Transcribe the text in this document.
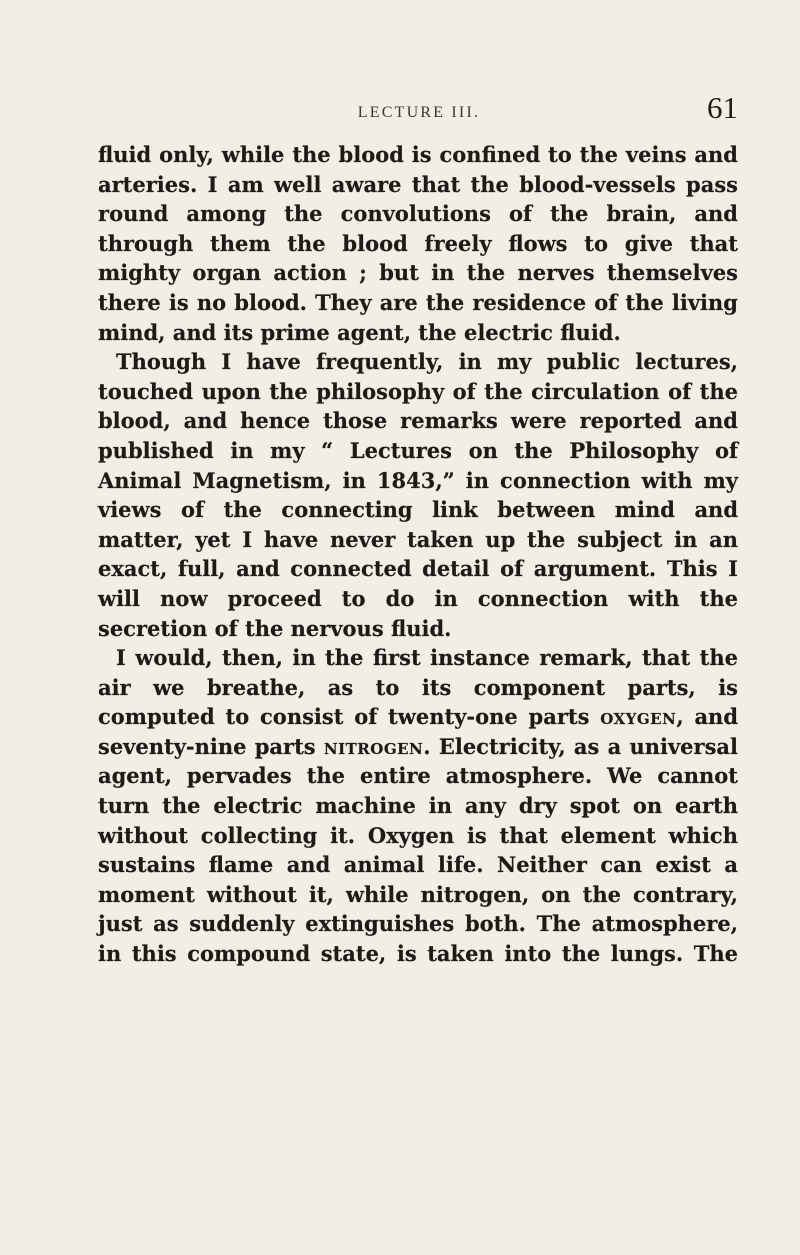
LECTURE III.	61

fluid only, while the blood is confined to the veins and arteries. I am well aware that the blood-vessels pass round among the convolutions of the brain, and through them the blood freely flows to give that mighty organ action ; but in the nerves themselves there is no blood. They are the residence of the living mind, and its prime agent, the electric fluid.

Though I have frequently, in my public lectures, touched upon the philosophy of the circulation of the blood, and hence those remarks were reported and published in my “ Lectures on the Philosophy of Animal Magnetism, in 1843,” in connection with my views of the connecting link between mind and matter, yet I have never taken up the subject in an exact, full, and connected detail of argument. This I will now proceed to do in connection with the secretion of the nervous fluid.

I would, then, in the first instance remark, that the air we breathe, as to its component parts, is computed to consist of twenty-one parts oxygen, and seventy-nine parts nitrogen. Electricity, as a universal agent, pervades the entire atmosphere. We cannot turn the electric machine in any dry spot on earth without collecting it. Oxygen is that element which sustains flame and animal life. Neither can exist a moment without it, while nitrogen, on the contrary, just as suddenly extinguishes both. The atmosphere, in this compound state, is taken into the lungs. The
